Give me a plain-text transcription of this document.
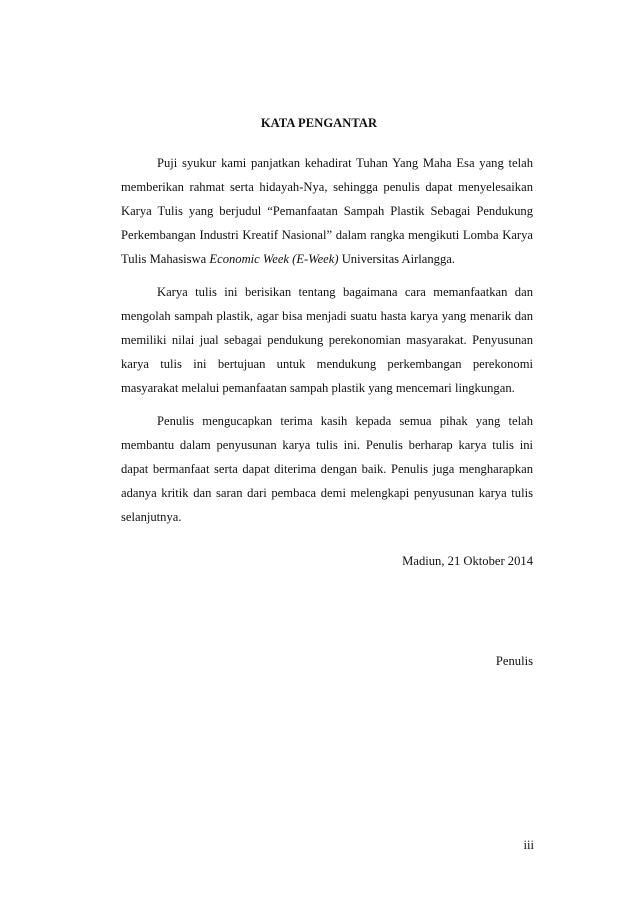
KATA PENGANTAR

Puji syukur kami panjatkan kehadirat Tuhan Yang Maha Esa yang telah memberikan rahmat serta hidayah-Nya, sehingga penulis dapat menyelesaikan Karya Tulis yang berjudul “Pemanfaatan Sampah Plastik Sebagai Pendukung Perkembangan Industri Kreatif Nasional” dalam rangka mengikuti Lomba Karya Tulis Mahasiswa Economic Week (E-Week) Universitas Airlangga.

Karya tulis ini berisikan tentang bagaimana cara memanfaatkan dan mengolah sampah plastik, agar bisa menjadi suatu hasta karya yang menarik dan memiliki nilai jual sebagai pendukung perekonomian masyarakat. Penyusunan karya tulis ini bertujuan untuk mendukung perkembangan perekonomi masyarakat melalui pemanfaatan sampah plastik yang mencemari lingkungan.

Penulis mengucapkan terima kasih kepada semua pihak yang telah membantu dalam penyusunan karya tulis ini. Penulis berharap karya tulis ini dapat bermanfaat serta dapat diterima dengan baik. Penulis juga mengharapkan adanya kritik dan saran dari pembaca demi melengkapi penyusunan karya tulis selanjutnya.

Madiun, 21 Oktober 2014
Penulis
iii
